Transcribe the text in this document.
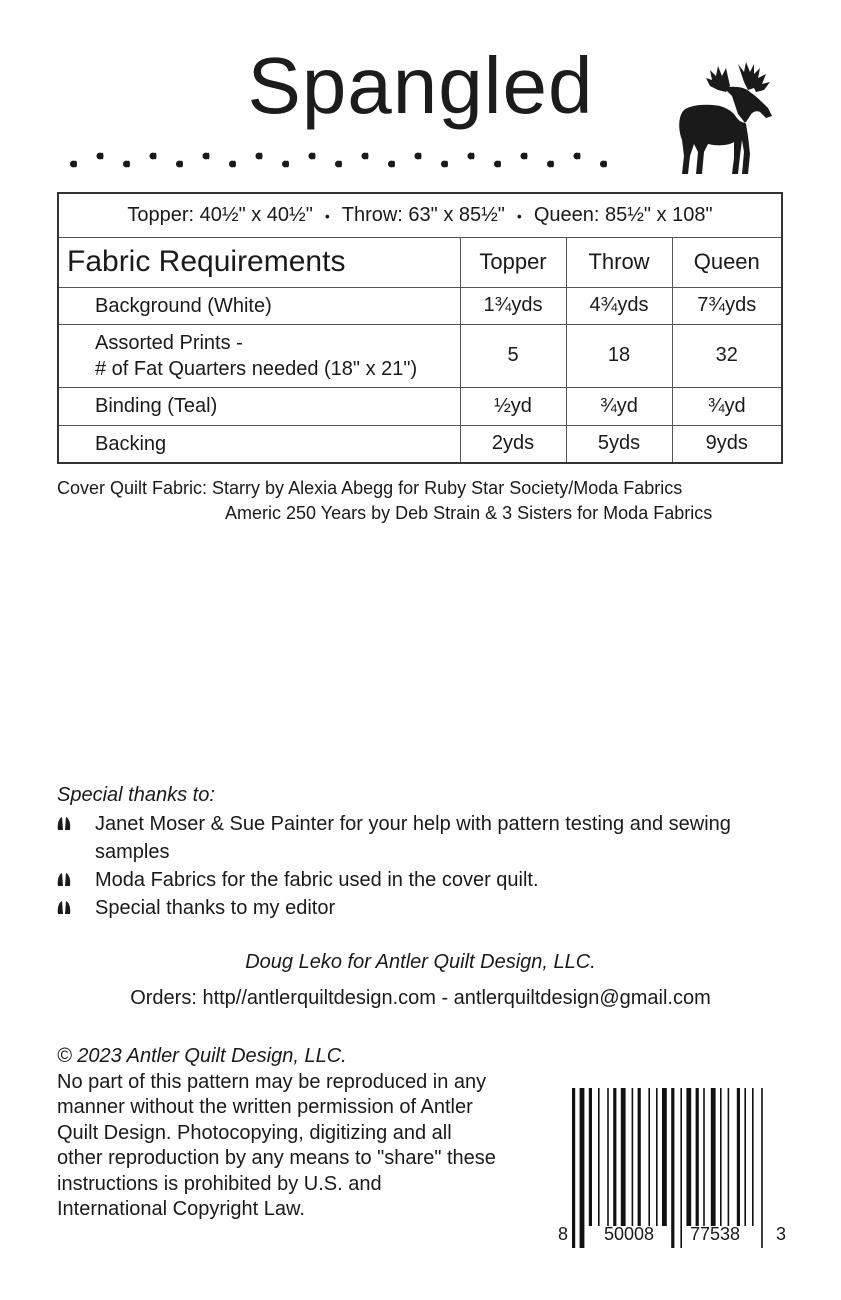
Spangled
Topper: 40½" x 40½" • Throw: 63" x 85½" • Queen: 85½" x 108"
Fabric Requirements	Topper	Throw	Queen
Background (White)	1¾yds	4¾yds	7¾yds

Assorted Prints -
# of Fat Quarters needed (18" x 21")	5	18	32
Binding (Teal)	½yd	¾yd	¾yd
Backing	2yds	5yds	9yds
Cover Quilt Fabric: Starry by Alexia Abegg for Ruby Star Society/Moda Fabrics
Americ 250 Years by Deb Strain & 3 Sisters for Moda Fabrics
Special thanks to:
Janet Moser & Sue Painter for your help with pattern testing and sewing samples
Moda Fabrics for the fabric used in the cover quilt.
Special thanks to my editor
Doug Leko for Antler Quilt Design, LLC.
Orders: http//antlerquiltdesign.com - antlerquiltdesign@gmail.com
© 2023 Antler Quilt Design, LLC.
No part of this pattern may be reproduced in any manner without the written permission of Antler Quilt Design. Photocopying, digitizing and all other reproduction by any means to "share" these instructions is prohibited by U.S. and International Copyright Law.
8 50008 77538 3
